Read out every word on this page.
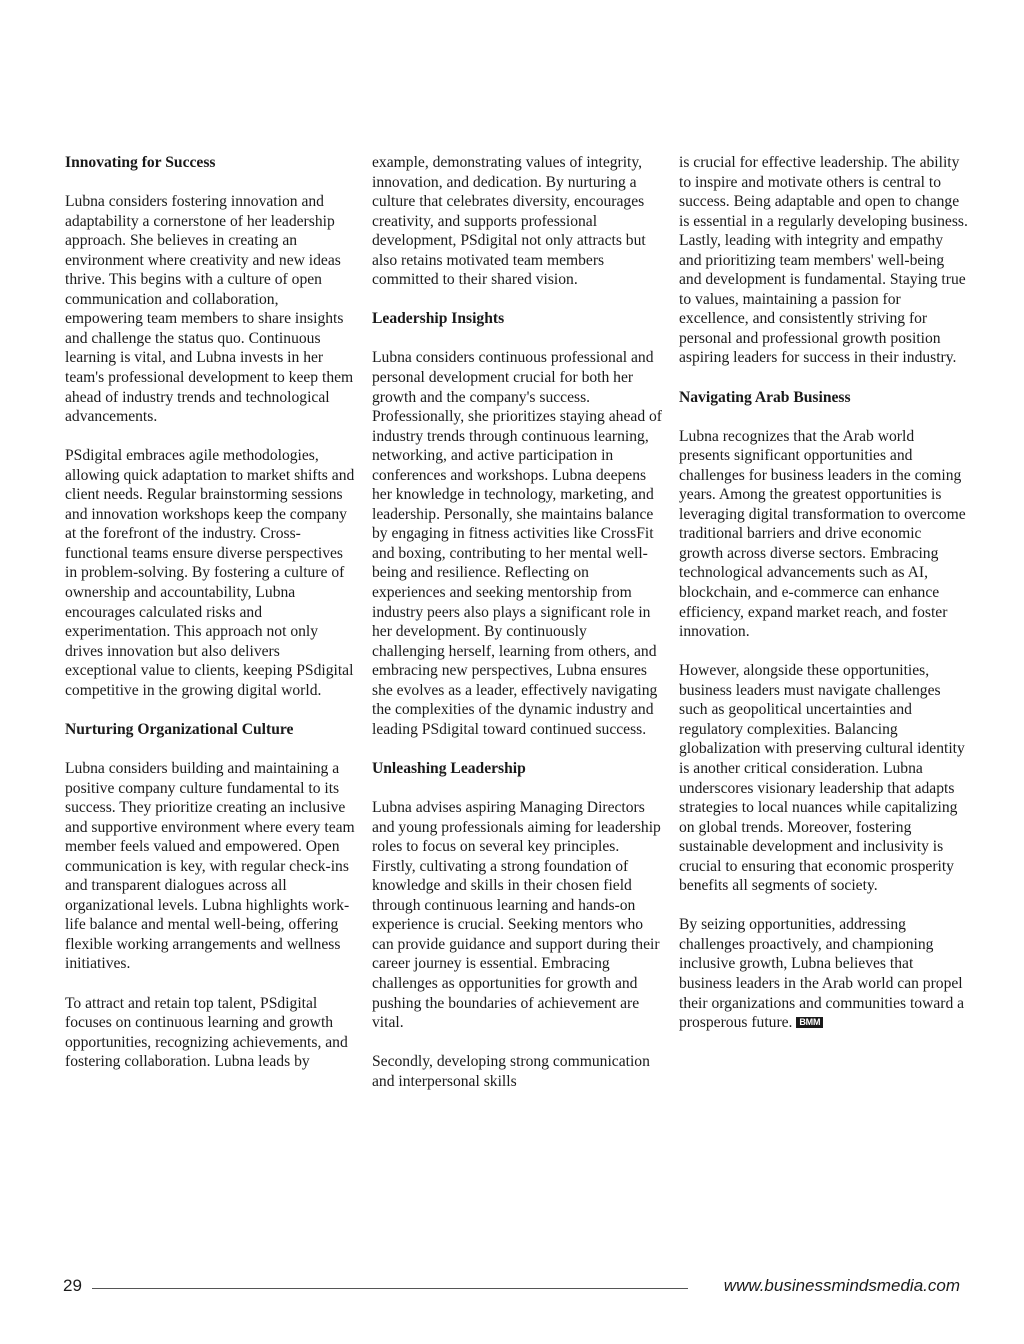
Innovating for Success

Lubna considers fostering innovation and adaptability a cornerstone of her leadership approach. She believes in creating an environment where creativity and new ideas thrive. This begins with a culture of open communication and collaboration, empowering team members to share insights and challenge the status quo. Continuous learning is vital, and Lubna invests in her team's professional development to keep them ahead of industry trends and technological advancements.

PSdigital embraces agile methodologies, allowing quick adaptation to market shifts and client needs. Regular brainstorming sessions and innovation workshops keep the company at the forefront of the industry. Cross-functional teams ensure diverse perspectives in problem-solving. By fostering a culture of ownership and accountability, Lubna encourages calculated risks and experimentation. This approach not only drives innovation but also delivers exceptional value to clients, keeping PSdigital competitive in the growing digital world.

Nurturing Organizational Culture

Lubna considers building and maintaining a positive company culture fundamental to its success. They prioritize creating an inclusive and supportive environment where every team member feels valued and empowered. Open communication is key, with regular check-ins and transparent dialogues across all organizational levels. Lubna highlights work-life balance and mental well-being, offering flexible working arrangements and wellness initiatives.

To attract and retain top talent, PSdigital focuses on continuous learning and growth opportunities, recognizing achievements, and fostering collaboration. Lubna leads by

example, demonstrating values of integrity, innovation, and dedication. By nurturing a culture that celebrates diversity, encourages creativity, and supports professional development, PSdigital not only attracts but also retains motivated team members committed to their shared vision.

Leadership Insights

Lubna considers continuous professional and personal development crucial for both her growth and the company's success. Professionally, she prioritizes staying ahead of industry trends through continuous learning, networking, and active participation in conferences and workshops. Lubna deepens her knowledge in technology, marketing, and leadership. Personally, she maintains balance by engaging in fitness activities like CrossFit and boxing, contributing to her mental well-being and resilience. Reflecting on experiences and seeking mentorship from industry peers also plays a significant role in her development. By continuously challenging herself, learning from others, and embracing new perspectives, Lubna ensures she evolves as a leader, effectively navigating the complexities of the dynamic industry and leading PSdigital toward continued success.

Unleashing Leadership

Lubna advises aspiring Managing Directors and young professionals aiming for leadership roles to focus on several key principles. Firstly, cultivating a strong foundation of knowledge and skills in their chosen field through continuous learning and hands-on experience is crucial. Seeking mentors who can provide guidance and support during their career journey is essential. Embracing challenges as opportunities for growth and pushing the boundaries of achievement are vital.

Secondly, developing strong communication and interpersonal skills

is crucial for effective leadership. The ability to inspire and motivate others is central to success. Being adaptable and open to change is essential in a regularly developing business. Lastly, leading with integrity and empathy and prioritizing team members' well-being and development is fundamental. Staying true to values, maintaining a passion for excellence, and consistently striving for personal and professional growth position aspiring leaders for success in their industry.

Navigating Arab Business

Lubna recognizes that the Arab world presents significant opportunities and challenges for business leaders in the coming years. Among the greatest opportunities is leveraging digital transformation to overcome traditional barriers and drive economic growth across diverse sectors. Embracing technological advancements such as AI, blockchain, and e-commerce can enhance efficiency, expand market reach, and foster innovation.

However, alongside these opportunities, business leaders must navigate challenges such as geopolitical uncertainties and regulatory complexities. Balancing globalization with preserving cultural identity is another critical consideration. Lubna underscores visionary leadership that adapts strategies to local nuances while capitalizing on global trends. Moreover, fostering sustainable development and inclusivity is crucial to ensuring that economic prosperity benefits all segments of society.

By seizing opportunities, addressing challenges proactively, and championing inclusive growth, Lubna believes that business leaders in the Arab world can propel their organizations and communities toward a prosperous future. BMM

29	www.businessmindsmedia.com
